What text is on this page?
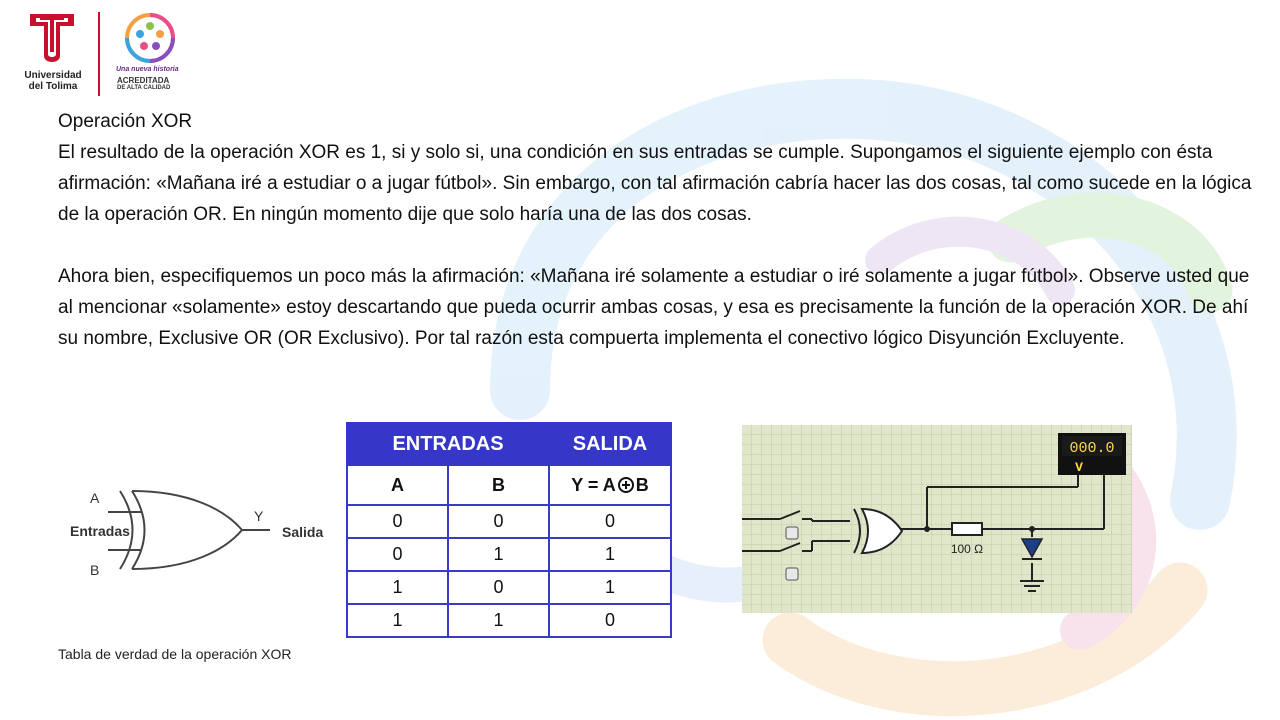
Universidad
del Tolima
Una nueva historia
ACREDITADA
DE ALTA CALIDAD

Operación XOR

El resultado de la operación XOR es 1, si y solo si, una condición en sus entradas se cumple. Supongamos el siguiente ejemplo con ésta afirmación: «Mañana iré a estudiar o a jugar fútbol». Sin embargo, con tal afirmación cabría hacer las dos cosas, tal como sucede en la lógica de la operación OR. En ningún momento dije que solo haría una de las dos cosas.

Ahora bien, especifiquemos un poco más la afirmación: «Mañana iré solamente a estudiar o iré solamente a jugar fútbol». Observe usted que al mencionar «solamente» estoy descartando que pueda ocurrir ambas cosas, y esa es precisamente la función de la operación XOR. De ahí su nombre, Exclusive OR (OR Exclusivo). Por tal razón esta compuerta implementa el conectivo lógico Disyunción Excluyente.

A
Entradas
B
Y
Salida
ENTRADAS		SALIDA
A	B	Y = A B
0	0	0
0	1	1
1	0	1
1	1	0
Tabla de verdad de la operación XOR
000.0
V
100 Ω
